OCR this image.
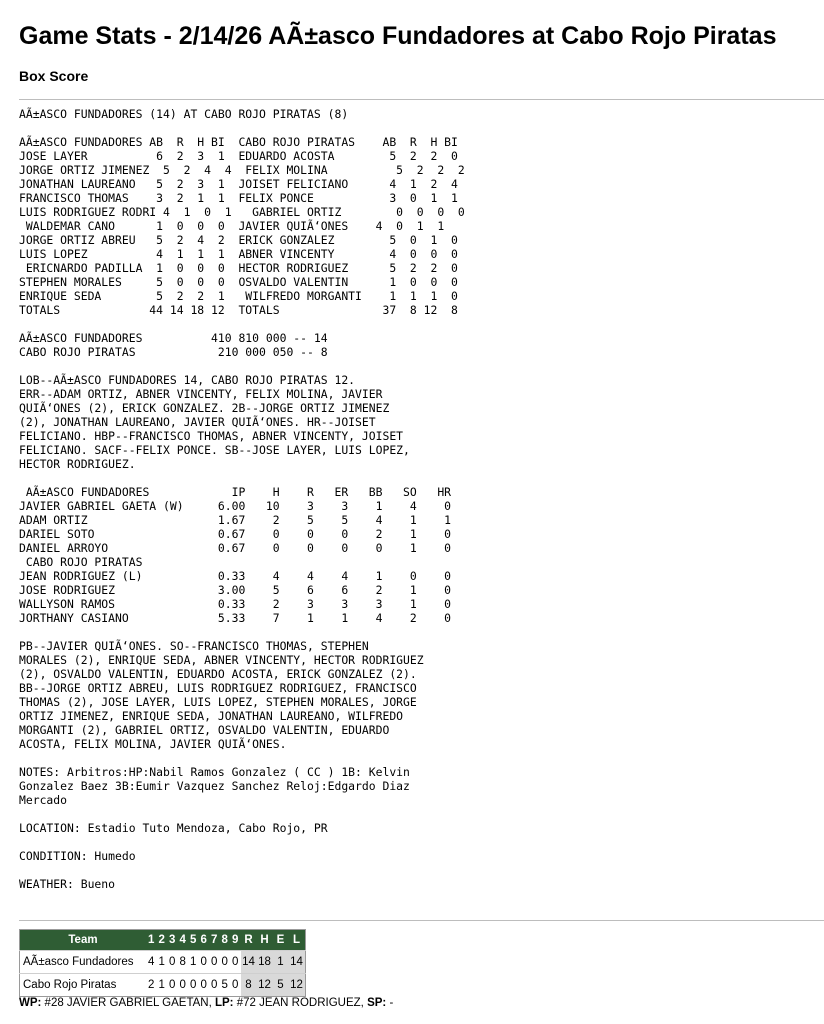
Game Stats - 2/14/26 AÃ±asco Fundadores at Cabo Rojo Piratas
Box Score
AÃ±ASCO FUNDADORES (14) AT CABO ROJO PIRATAS (8)
AÃ±ASCO FUNDADORES AB  R  H BI  CABO ROJO PIRATAS    AB  R  H BI
JOSE LAYER          6  2  3  1  EDUARDO ACOSTA        5  2  2  0
JORGE ORTIZ JIMENEZ  5  2  4  4  FELIX MOLINA          5  2  2  2
JONATHAN LAUREANO   5  2  3  1  JOISET FELICIANO      4  1  2  4
FRANCISCO THOMAS    3  2  1  1  FELIX PONCE           3  0  1  1
LUIS RODRIGUEZ RODRI 4  1  0  1   GABRIEL ORTIZ        0  0  0  0
WALDEMAR CANO      1  0  0  0  JAVIER QUIÃ‘ONES    4  0  1  1
JORGE ORTIZ ABREU   5  2  4  2  ERICK GONZALEZ        5  0  1  0
LUIS LOPEZ          4  1  1  1  ABNER VINCENTY        4  0  0  0
ERICNARDO PADILLA  1  0  0  0  HECTOR RODRIGUEZ      5  2  2  0
STEPHEN MORALES     5  0  0  0  OSVALDO VALENTIN      1  0  0  0
ENRIQUE SEDA        5  2  2  1   WILFREDO MORGANTI    1  1  1  0
TOTALS             44 14 18 12  TOTALS               37  8 12  8
AÃ±ASCO FUNDADORES          410 810 000 -- 14
CABO ROJO PIRATAS            210 000 050 -- 8
LOB--AÃ±ASCO FUNDADORES 14, CABO ROJO PIRATAS 12.
ERR--ADAM ORTIZ, ABNER VINCENTY, FELIX MOLINA, JAVIER
QUIÃ‘ONES (2), ERICK GONZALEZ. 2B--JORGE ORTIZ JIMENEZ
(2), JONATHAN LAUREANO, JAVIER QUIÃ‘ONES. HR--JOISET
FELICIANO. HBP--FRANCISCO THOMAS, ABNER VINCENTY, JOISET
FELICIANO. SACF--FELIX PONCE. SB--JOSE LAYER, LUIS LOPEZ,
HECTOR RODRIGUEZ.
AÃ±ASCO FUNDADORES            IP    H    R   ER   BB   SO   HR
JAVIER GABRIEL GAETA (W)     6.00   10    3    3    1    4    0
ADAM ORTIZ                   1.67    2    5    5    4    1    1
DARIEL SOTO                  0.67    0    0    0    2    1    0
DANIEL ARROYO                0.67    0    0    0    0    1    0
CABO ROJO PIRATAS
JEAN RODRIGUEZ (L)           0.33    4    4    4    1    0    0
JOSE RODRIGUEZ               3.00    5    6    6    2    1    0
WALLYSON RAMOS               0.33    2    3    3    3    1    0
JORTHANY CASIANO             5.33    7    1    1    4    2    0
PB--JAVIER QUIÃ‘ONES. SO--FRANCISCO THOMAS, STEPHEN
MORALES (2), ENRIQUE SEDA, ABNER VINCENTY, HECTOR RODRIGUEZ
(2), OSVALDO VALENTIN, EDUARDO ACOSTA, ERICK GONZALEZ (2).
BB--JORGE ORTIZ ABREU, LUIS RODRIGUEZ RODRIGUEZ, FRANCISCO
THOMAS (2), JOSE LAYER, LUIS LOPEZ, STEPHEN MORALES, JORGE
ORTIZ JIMENEZ, ENRIQUE SEDA, JONATHAN LAUREANO, WILFREDO
MORGANTI (2), GABRIEL ORTIZ, OSVALDO VALENTIN, EDUARDO
ACOSTA, FELIX MOLINA, JAVIER QUIÃ‘ONES.
NOTES: Arbitros:HP:Nabil Ramos Gonzalez ( CC ) 1B: Kelvin
Gonzalez Baez 3B:Eumir Vazquez Sanchez Reloj:Edgardo Diaz
Mercado
LOCATION: Estadio Tuto Mendoza, Cabo Rojo, PR
CONDITION: Humedo
WEATHER: Bueno
Team	1	2	3	4	5	6	7	8	9	R	H	E	L
AÃ±asco Fundadores	4	1	0	8	1	0	0	0	0	14	18	1	14
Cabo Rojo Piratas	2	1	0	0	0	0	0	5	0	8	12	5	12

WP: #28 JAVIER GABRIEL GAETAN, LP: #72 JEAN RODRIGUEZ, SP: -
